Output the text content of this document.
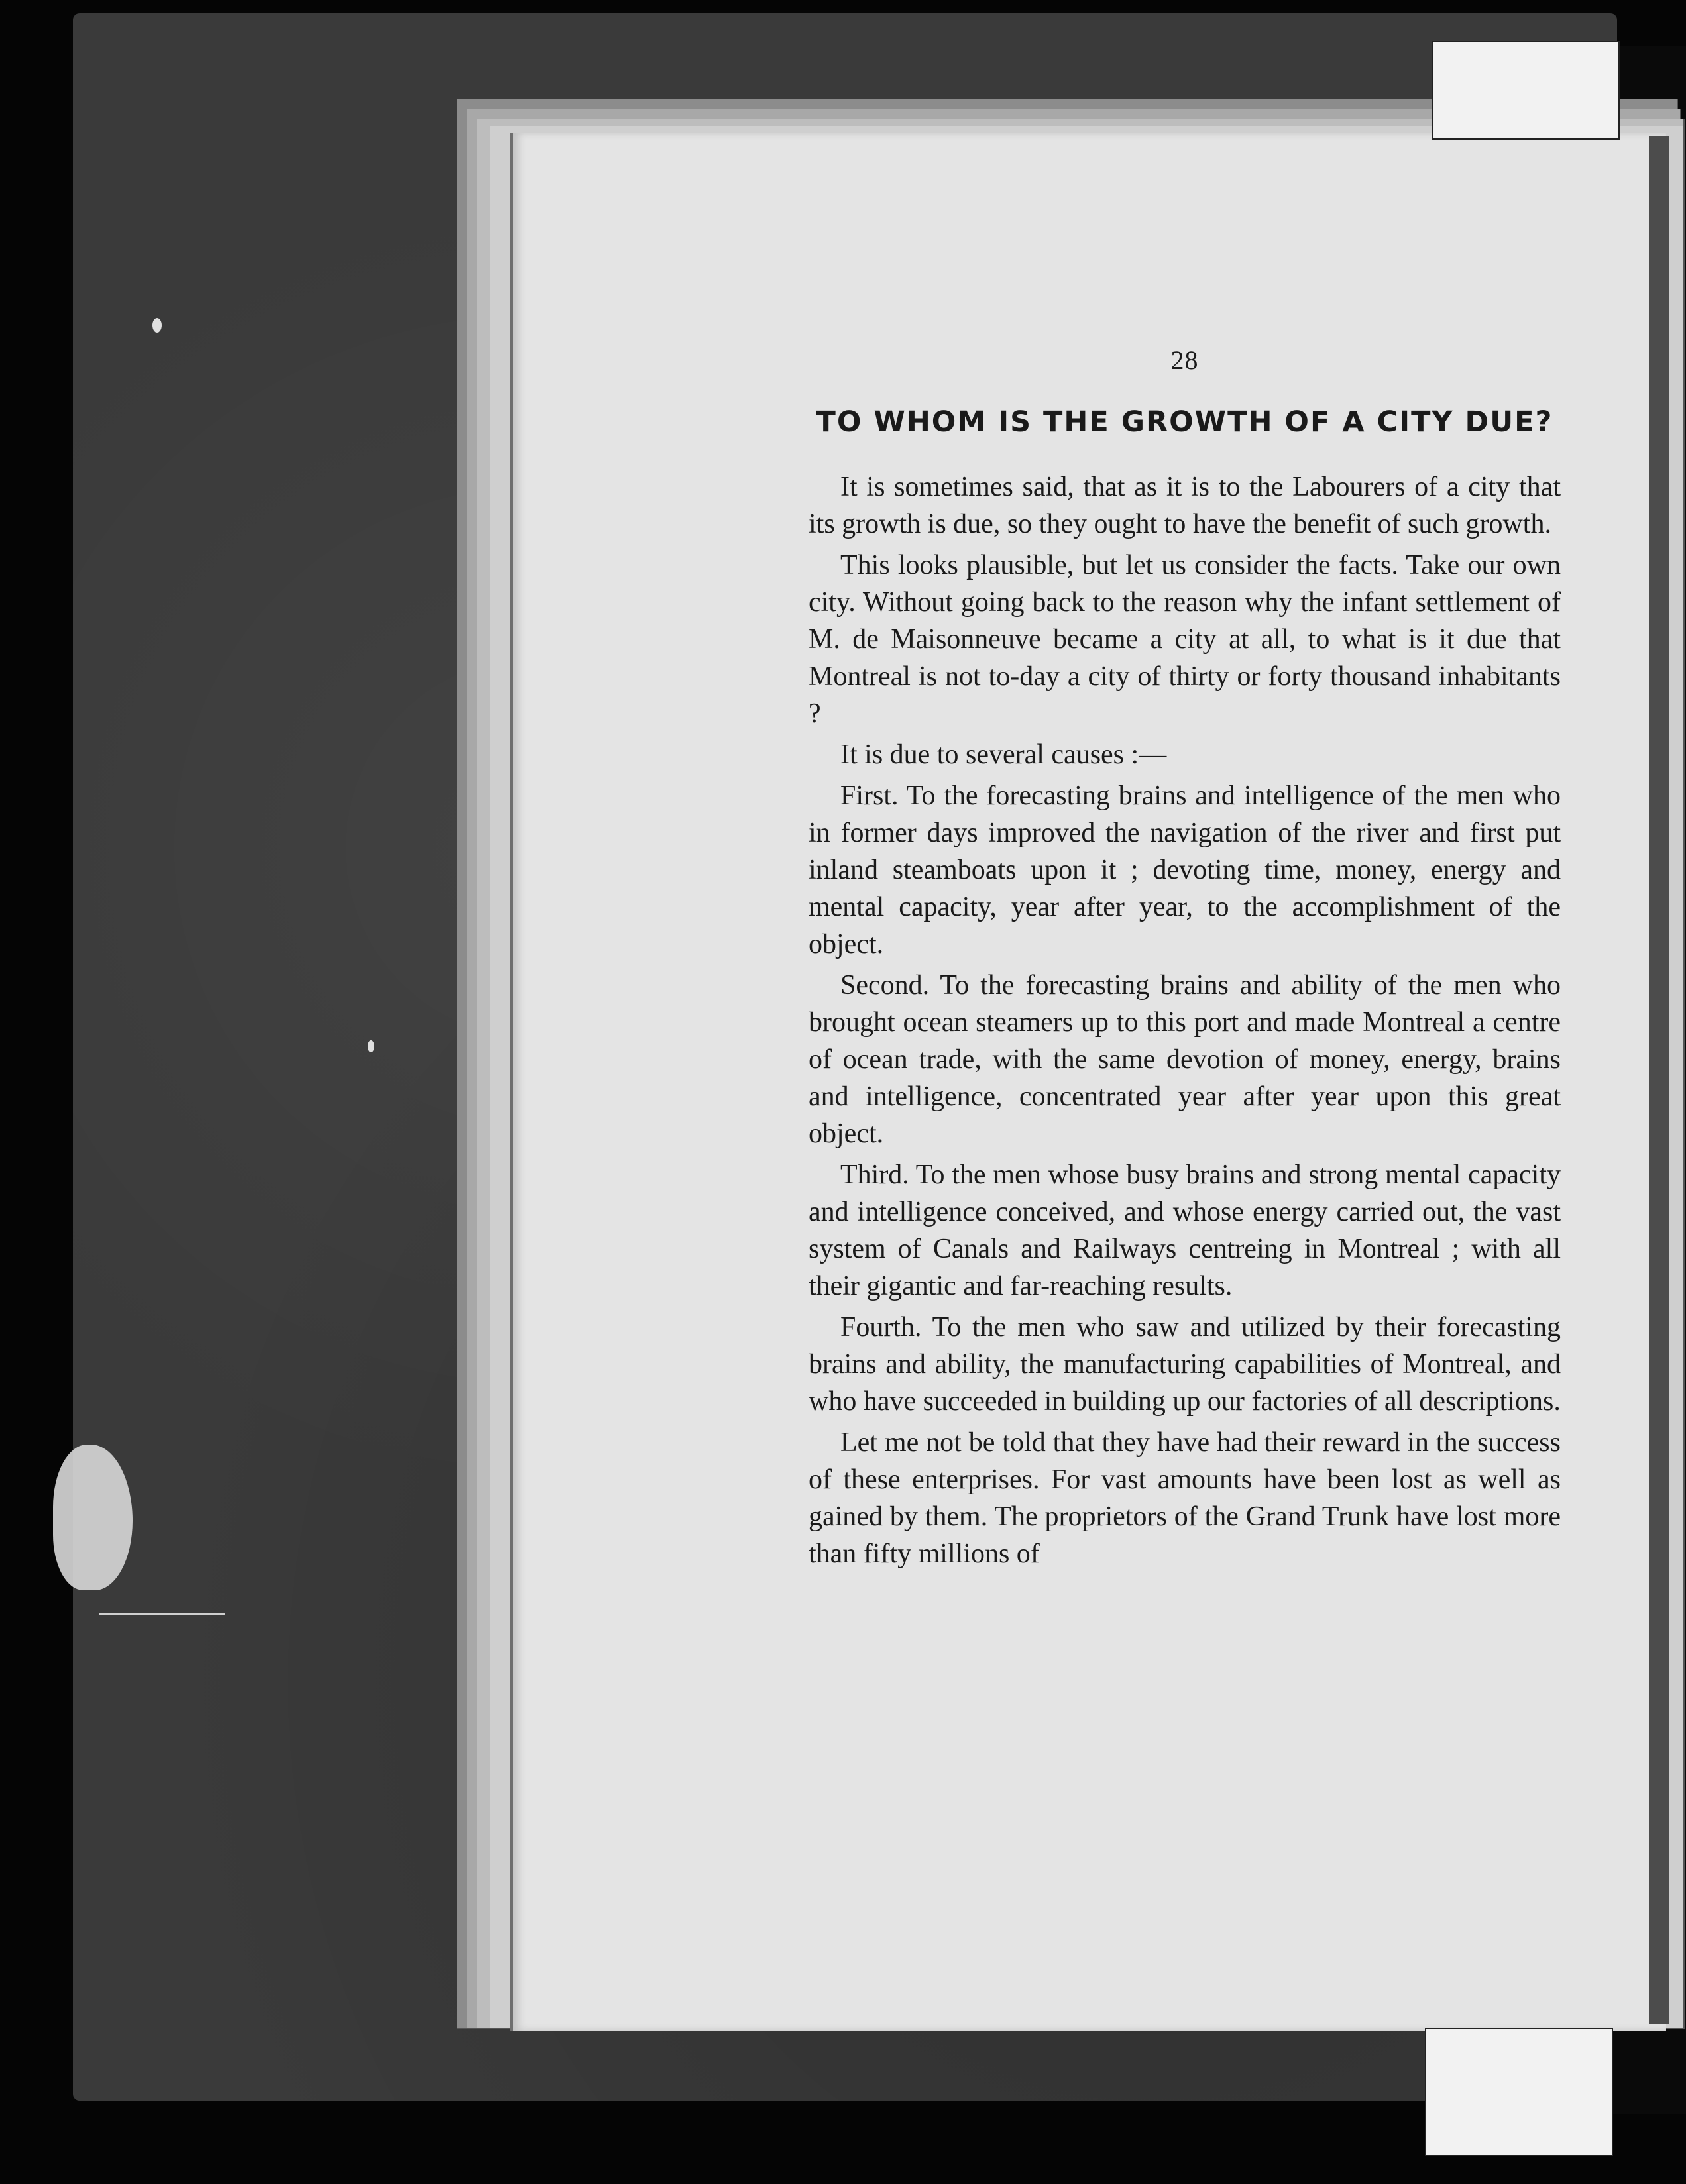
28
TO WHOM IS THE GROWTH OF A CITY DUE?

It is sometimes said, that as it is to the Labourers of a city that its growth is due, so they ought to have the benefit of such growth.

This looks plausible, but let us consider the facts. Take our own city. Without going back to the reason why the infant settlement of M. de Maisonneuve became a city at all, to what is it due that Montreal is not to-day a city of thirty or forty thousand inhabitants ?

It is due to several causes :—

First. To the forecasting brains and intelligence of the men who in former days improved the navigation of the river and first put inland steamboats upon it ; devoting time, money, energy and mental capacity, year after year, to the accomplishment of the object.

Second. To the forecasting brains and ability of the men who brought ocean steamers up to this port and made Montreal a centre of ocean trade, with the same devotion of money, energy, brains and intelligence, concentrated year after year upon this great object.

Third. To the men whose busy brains and strong mental capacity and intelligence conceived, and whose energy carried out, the vast system of Canals and Railways centreing in Montreal ; with all their gigantic and far-reaching results.

Fourth. To the men who saw and utilized by their forecasting brains and ability, the manufacturing capabilities of Montreal, and who have succeeded in building up our factories of all descriptions.

Let me not be told that they have had their reward in the success of these enterprises. For vast amounts have been lost as well as gained by them. The proprietors of the Grand Trunk have lost more than fifty millions of
